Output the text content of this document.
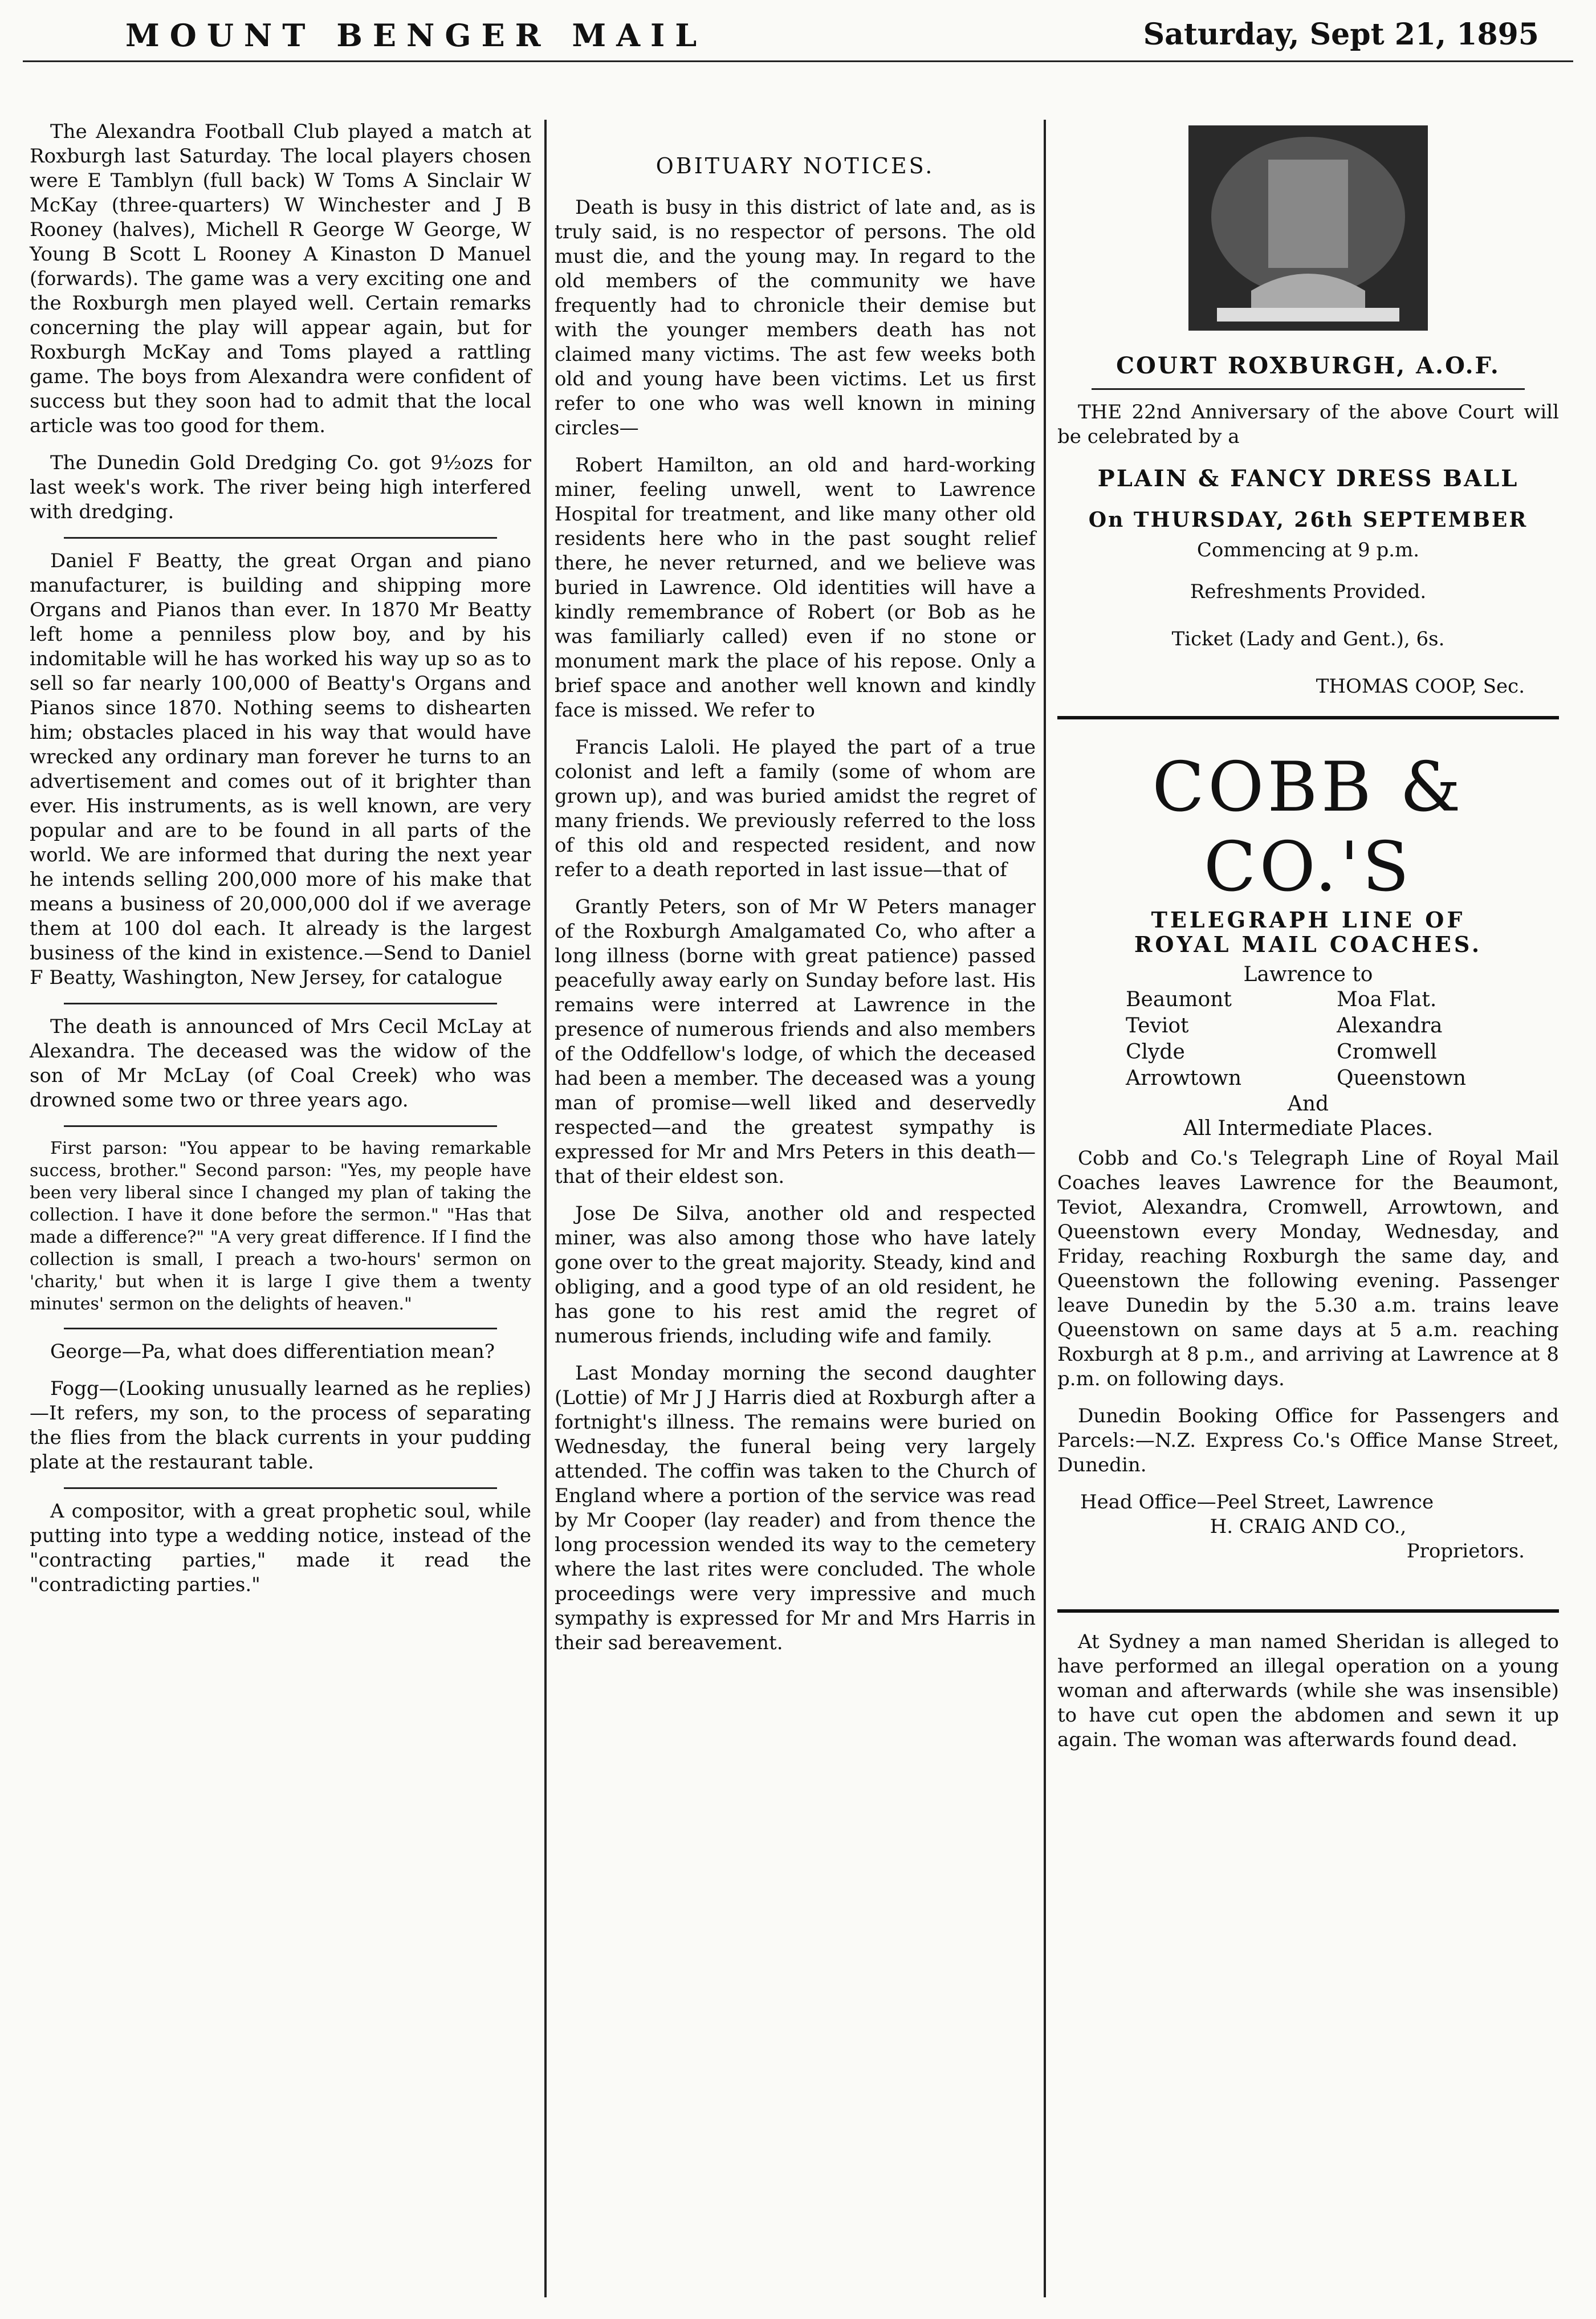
MOUNT BENGER MAIL	Saturday, Sept 21, 1895

The Alexandra Football Club played a match at Roxburgh last Saturday. The local players chosen were E Tamblyn (full back) W Toms A Sinclair W McKay (three-quarters) W Winchester and J B Rooney (halves), Michell R George W George, W Young B Scott L Rooney A Kinaston D Manuel (forwards). The game was a very exciting one and the Roxburgh men played well. Certain remarks concerning the play will appear again, but for Roxburgh McKay and Toms played a rattling game. The boys from Alexandra were confident of success but they soon had to admit that the local article was too good for them.

The Dunedin Gold Dredging Co. got 9½ozs for last week's work. The river being high interfered with dredging.

Daniel F Beatty, the great Organ and piano manufacturer, is building and shipping more Organs and Pianos than ever. In 1870 Mr Beatty left home a penniless plow boy, and by his indomitable will he has worked his way up so as to sell so far nearly 100,000 of Beatty's Organs and Pianos since 1870. Nothing seems to dishearten him; obstacles placed in his way that would have wrecked any ordinary man forever he turns to an advertisement and comes out of it brighter than ever. His instruments, as is well known, are very popular and are to be found in all parts of the world. We are informed that during the next year he intends selling 200,000 more of his make that means a business of 20,000,000 dol if we average them at 100 dol each. It already is the largest business of the kind in existence.—Send to Daniel F Beatty, Washington, New Jersey, for catalogue

The death is announced of Mrs Cecil McLay at Alexandra. The deceased was the widow of the son of Mr McLay (of Coal Creek) who was drowned some two or three years ago.

First parson: "You appear to be having remarkable success, brother." Second parson: "Yes, my people have been very liberal since I changed my plan of taking the collection. I have it done before the sermon." "Has that made a difference?" "A very great difference. If I find the collection is small, I preach a two-hours' sermon on 'charity,' but when it is large I give them a twenty minutes' sermon on the delights of heaven."

George—Pa, what does differentiation mean?

Fogg—(Looking unusually learned as he replies)—It refers, my son, to the process of separating the flies from the black currents in your pudding plate at the restaurant table.

A compositor, with a great prophetic soul, while putting into type a wedding notice, instead of the "contracting parties," made it read the "contradicting parties."

OBITUARY NOTICES.

Death is busy in this district of late and, as is truly said, is no respector of persons. The old must die, and the young may. In regard to the old members of the community we have frequently had to chronicle their demise but with the younger members death has not claimed many victims. The ast few weeks both old and young have been victims. Let us first refer to one who was well known in mining circles—

Robert Hamilton, an old and hard-working miner, feeling unwell, went to Lawrence Hospital for treatment, and like many other old residents here who in the past sought relief there, he never returned, and we believe was buried in Lawrence. Old identities will have a kindly remembrance of Robert (or Bob as he was familiarly called) even if no stone or monument mark the place of his repose. Only a brief space and another well known and kindly face is missed. We refer to

Francis Laloli. He played the part of a true colonist and left a family (some of whom are grown up), and was buried amidst the regret of many friends. We previously referred to the loss of this old and respected resident, and now refer to a death reported in last issue—that of

Grantly Peters, son of Mr W Peters manager of the Roxburgh Amalgamated Co, who after a long illness (borne with great patience) passed peacefully away early on Sunday before last. His remains were interred at Lawrence in the presence of numerous friends and also members of the Oddfellow's lodge, of which the deceased had been a member. The deceased was a young man of promise—well liked and deservedly respected—and the greatest sympathy is expressed for Mr and Mrs Peters in this death—that of their eldest son.

Jose De Silva, another old and respected miner, was also among those who have lately gone over to the great majority. Steady, kind and obliging, and a good type of an old resident, he has gone to his rest amid the regret of numerous friends, including wife and family.

Last Monday morning the second daughter (Lottie) of Mr J J Harris died at Roxburgh after a fortnight's illness. The remains were buried on Wednesday, the funeral being very largely attended. The coffin was taken to the Church of England where a portion of the service was read by Mr Cooper (lay reader) and from thence the long procession wended its way to the cemetery where the last rites were concluded. The whole proceedings were very impressive and much sympathy is expressed for Mr and Mrs Harris in their sad bereavement.

COURT ROXBURGH, A.O.F.

THE 22nd Anniversary of the above Court will be celebrated by a

PLAIN & FANCY DRESS BALL
On THURSDAY, 26th SEPTEMBER
Commencing at 9 p.m.
Refreshments Provided.
Ticket (Lady and Gent.), 6s.
THOMAS COOP, Sec.
COBB & CO.'S
TELEGRAPH LINE OF
ROYAL MAIL COACHES.
Lawrence to
Beaumont	Moa Flat.
Teviot	Alexandra
Clyde	Cromwell
Arrowtown	Queenstown
And
All Intermediate Places.

Cobb and Co.'s Telegraph Line of Royal Mail Coaches leaves Lawrence for the Beaumont, Teviot, Alexandra, Cromwell, Arrowtown, and Queenstown every Monday, Wednesday, and Friday, reaching Roxburgh the same day, and Queenstown the following evening. Passenger leave Dunedin by the 5.30 a.m. trains leave Queenstown on same days at 5 a.m. reaching Roxburgh at 8 p.m., and arriving at Lawrence at 8 p.m. on following days.

Dunedin Booking Office for Passengers and Parcels:—N.Z. Express Co.'s Office Manse Street, Dunedin.

Head Office—Peel Street, Lawrence
H. CRAIG AND CO.,
Proprietors.

At Sydney a man named Sheridan is alleged to have performed an illegal operation on a young woman and afterwards (while she was insensible) to have cut open the abdomen and sewn it up again. The woman was afterwards found dead.
